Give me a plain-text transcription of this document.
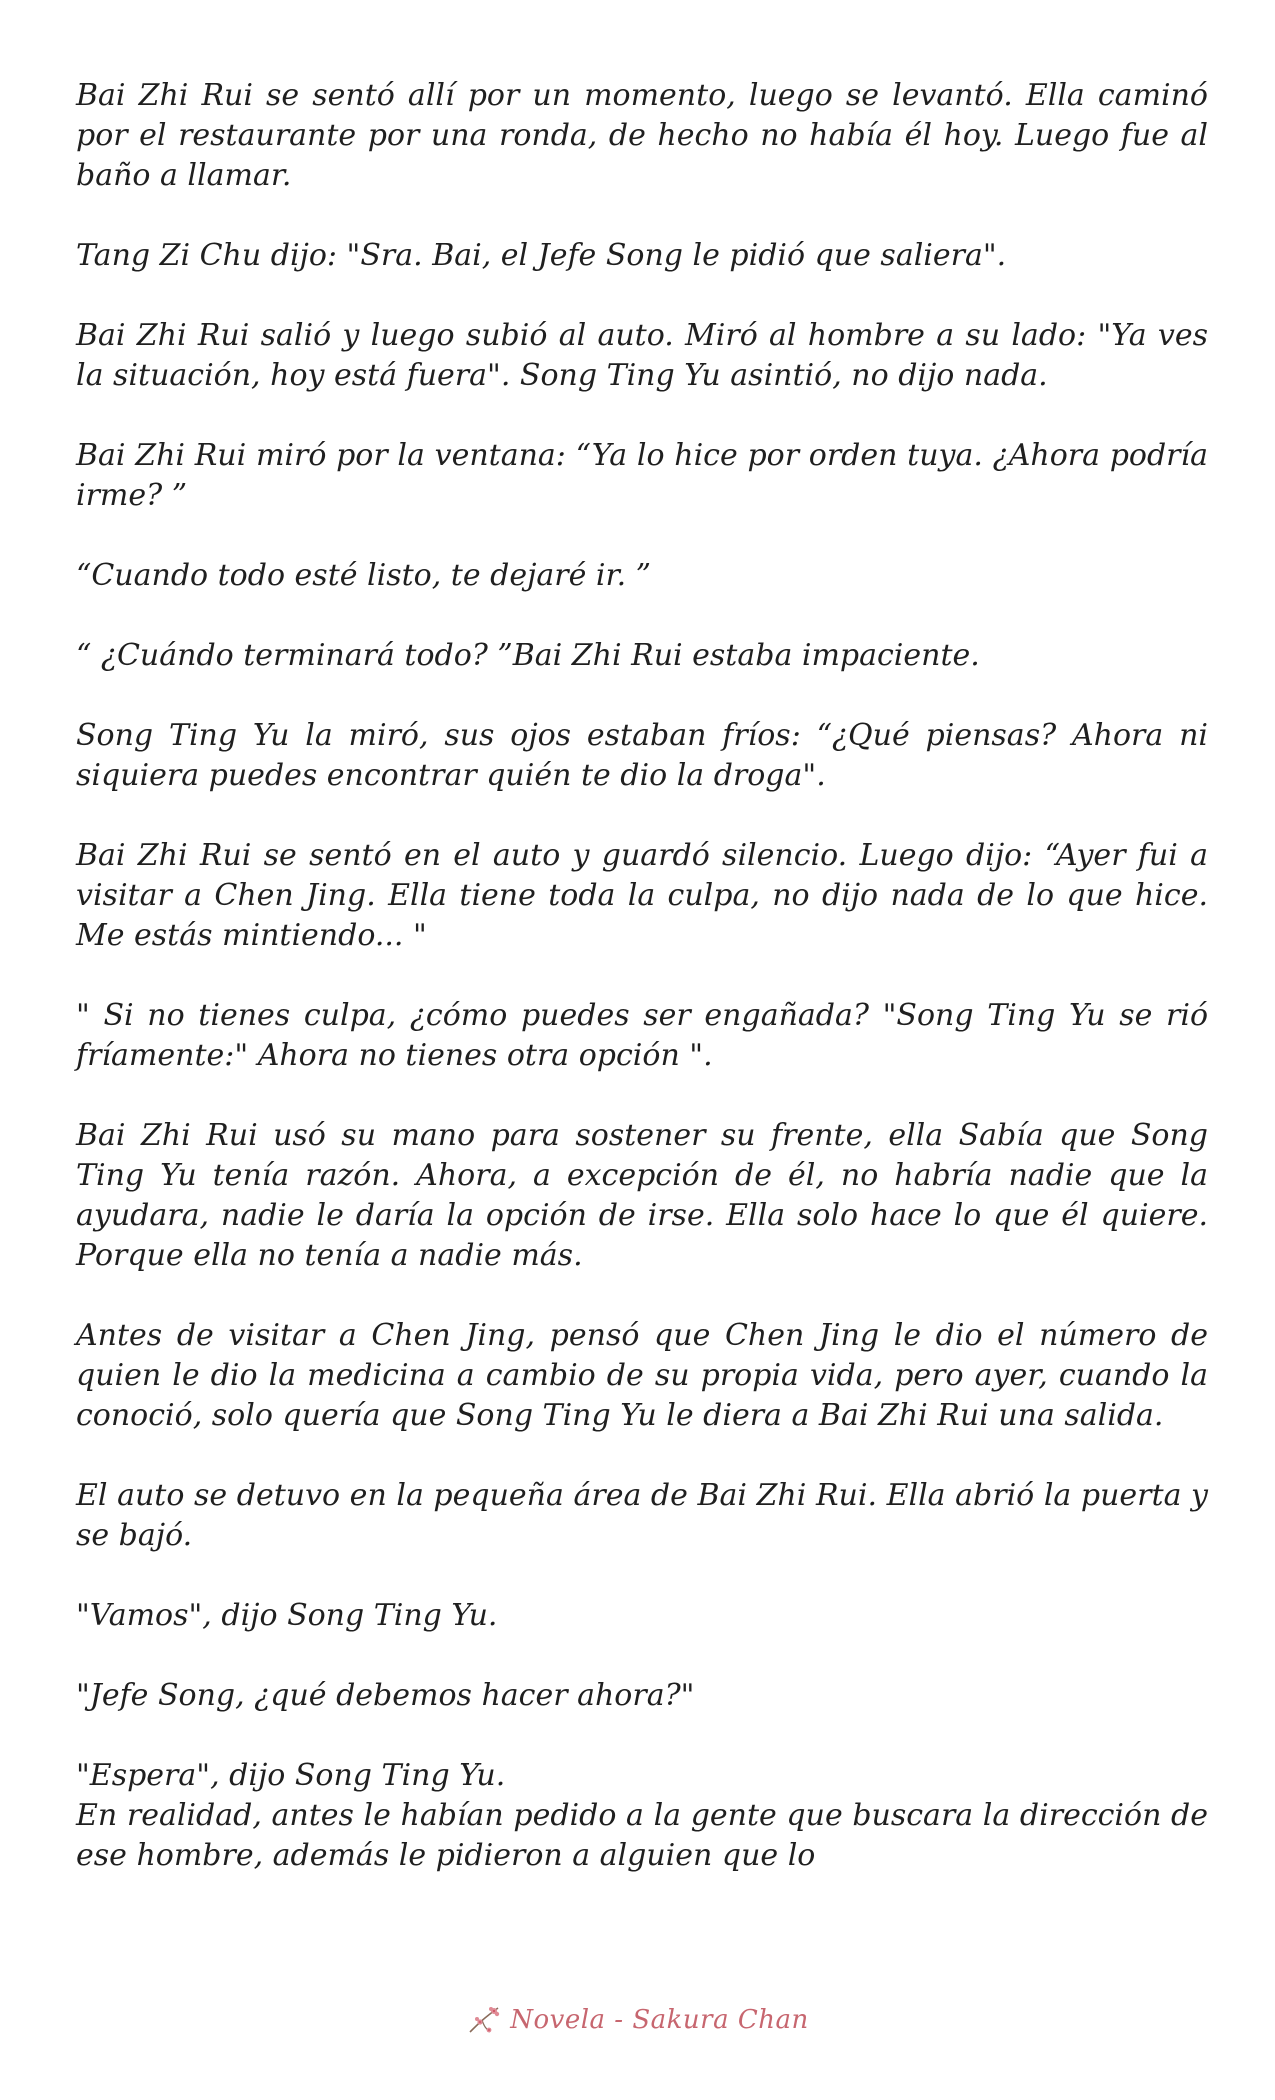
Bai Zhi Rui se sentó allí por un momento, luego se levantó. Ella caminó por el restaurante por una ronda, de hecho no había él hoy. Luego fue al baño a llamar.

Tang Zi Chu dijo: "Sra. Bai, el Jefe Song le pidió que saliera".

Bai Zhi Rui salió y luego subió al auto. Miró al hombre a su lado: "Ya ves la situación, hoy está fuera". Song Ting Yu asintió, no dijo nada.

Bai Zhi Rui miró por la ventana: “Ya lo hice por orden tuya. ¿Ahora podría irme? ”

“Cuando todo esté listo, te dejaré ir. ”

“ ¿Cuándo terminará todo? ”Bai Zhi Rui estaba impaciente.

Song Ting Yu la miró, sus ojos estaban fríos: “¿Qué piensas? Ahora ni siquiera puedes encontrar quién te dio la droga".

Bai Zhi Rui se sentó en el auto y guardó silencio. Luego dijo: “Ayer fui a visitar a Chen Jing. Ella tiene toda la culpa, no dijo nada de lo que hice. Me estás mintiendo... "

" Si no tienes culpa, ¿cómo puedes ser engañada? "Song Ting Yu se rió fríamente:" Ahora no tienes otra opción ".

Bai Zhi Rui usó su mano para sostener su frente, ella Sabía que Song Ting Yu tenía razón. Ahora, a excepción de él, no habría nadie que la ayudara, nadie le daría la opción de irse. Ella solo hace lo que él quiere. Porque ella no tenía a nadie más.

Antes de visitar a Chen Jing, pensó que Chen Jing le dio el número de quien le dio la medicina a cambio de su propia vida, pero ayer, cuando la conoció, solo quería que Song Ting Yu le diera a Bai Zhi Rui una salida.

El auto se detuvo en la pequeña área de Bai Zhi Rui. Ella abrió la puerta y se bajó.

"Vamos", dijo Song Ting Yu.

"Jefe Song, ¿qué debemos hacer ahora?"

"Espera", dijo Song Ting Yu.

En realidad, antes le habían pedido a la gente que buscara la dirección de ese hombre, además le pidieron a alguien que lo

Novela - Sakura Chan
